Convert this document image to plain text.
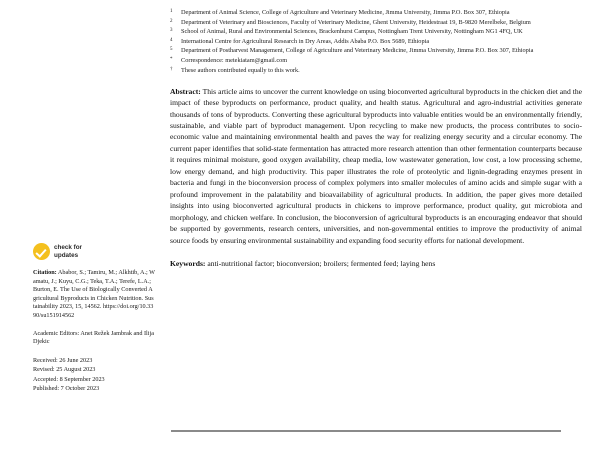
check for
updates
Citation: Ababor, S.; Tamiru, M.; Alkhtib, A.; Wamatu, J.; Kuyu, C.G.; Teka, T.A.; Terefe, L.A.; Burton, E. The Use of Biologically Converted Agricultural Byproducts in Chicken Nutrition. Sustainability 2023, 15, 14562. https://doi.org/10.3390/su151914562
Academic Editors: Anet Režek Jambrak and Ilija Djekic
Received: 26 June 2023
Revised: 25 August 2023
Accepted: 8 September 2023
Published: 7 October 2023
1	Department of Animal Science, College of Agriculture and Veterinary Medicine, Jimma University, Jimma P.O. Box 307, Ethiopia
2	Department of Veterinary and Biosciences, Faculty of Veterinary Medicine, Ghent University, Heidestraat 19, B-9820 Merelbeke, Belgium
3	School of Animal, Rural and Environmental Sciences, Brackenhurst Campus, Nottingham Trent University, Nottingham NG1 4FQ, UK
4	International Centre for Agricultural Research in Dry Areas, Addis Ababa P.O. Box 5689, Ethiopia
5	Department of Postharvest Management, College of Agriculture and Veterinary Medicine, Jimma University, Jimma P.O. Box 307, Ethiopia
*	Correspondence: metekiatam@gmail.com
†	These authors contributed equally to this work.
Abstract: This article aims to uncover the current knowledge on using bioconverted agricultural byproducts in the chicken diet and the impact of these byproducts on performance, product quality, and health status. Agricultural and agro-industrial activities generate thousands of tons of byproducts. Converting these agricultural byproducts into valuable entities would be an environmentally friendly, sustainable, and viable part of byproduct management. Upon recycling to make new products, the process contributes to socio-economic value and maintaining environmental health and paves the way for realizing energy security and a circular economy. The current paper identifies that solid-state fermentation has attracted more research attention than other fermentation counterparts because it requires minimal moisture, good oxygen availability, cheap media, low wastewater generation, low cost, a low processing scheme, low energy demand, and high productivity. This paper illustrates the role of proteolytic and lignin-degrading enzymes present in bacteria and fungi in the bioconversion process of complex polymers into smaller molecules of amino acids and simple sugar with a profound improvement in the palatability and bioavailability of agricultural products. In addition, the paper gives more detailed insights into using bioconverted agricultural products in chickens to improve performance, product quality, gut microbiota and morphology, and chicken welfare. In conclusion, the bioconversion of agricultural byproducts is an encouraging endeavor that should be supported by governments, research centers, universities, and non-governmental entities to improve the productivity of animal source foods by ensuring environmental sustainability and expanding food security efforts for national development.
Keywords: anti-nutritional factor; bioconversion; broilers; fermented feed; laying hens
